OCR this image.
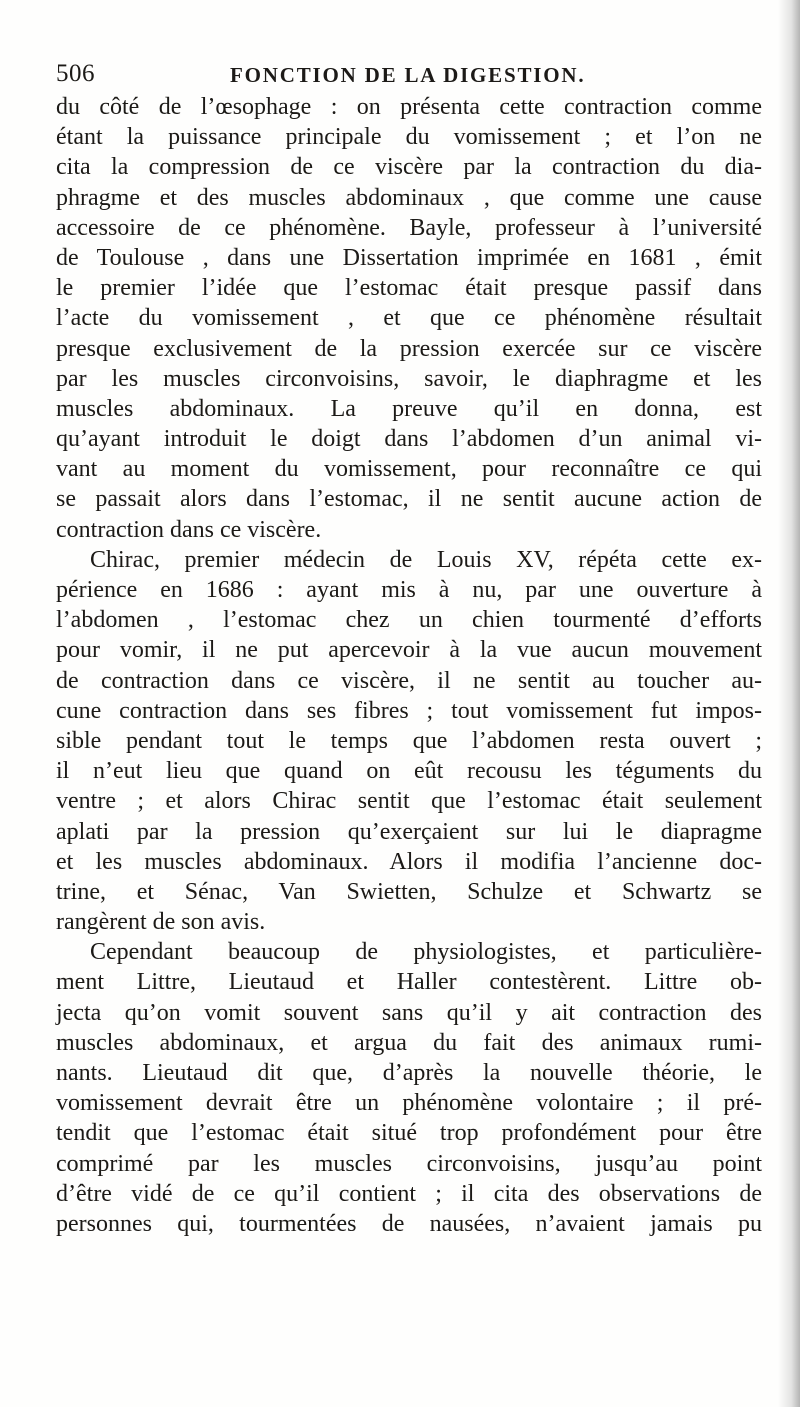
506	FONCTION DE LA DIGESTION.
du côté de l’œsophage : on présenta cette contraction comme
étant la puissance principale du vomissement ; et l’on ne
cita la compression de ce viscère par la contraction du dia-
phragme et des muscles abdominaux , que comme une cause
accessoire de ce phénomène. Bayle, professeur à l’université
de Toulouse , dans une Dissertation imprimée en 1681 , émit
le premier l’idée que l’estomac était presque passif dans
l’acte du vomissement , et que ce phénomène résultait
presque exclusivement de la pression exercée sur ce viscère
par les muscles circonvoisins, savoir, le diaphragme et les
muscles abdominaux. La preuve qu’il en donna, est
qu’ayant introduit le doigt dans l’abdomen d’un animal vi-
vant au moment du vomissement, pour reconnaître ce qui
se passait alors dans l’estomac, il ne sentit aucune action de
contraction dans ce viscère.
Chirac, premier médecin de Louis XV, répéta cette ex-
périence en 1686 : ayant mis à nu, par une ouverture à
l’abdomen , l’estomac chez un chien tourmenté d’efforts
pour vomir, il ne put apercevoir à la vue aucun mouvement
de contraction dans ce viscère, il ne sentit au toucher au-
cune contraction dans ses fibres ; tout vomissement fut impos-
sible pendant tout le temps que l’abdomen resta ouvert ;
il n’eut lieu que quand on eût recousu les téguments du
ventre ; et alors Chirac sentit que l’estomac était seulement
aplati par la pression qu’exerçaient sur lui le diapragme
et les muscles abdominaux. Alors il modifia l’ancienne doc-
trine, et Sénac, Van Swietten, Schulze et Schwartz se
rangèrent de son avis.
Cependant beaucoup de physiologistes, et particulière-
ment Littre, Lieutaud et Haller contestèrent. Littre ob-
jecta qu’on vomit souvent sans qu’il y ait contraction des
muscles abdominaux, et argua du fait des animaux rumi-
nants. Lieutaud dit que, d’après la nouvelle théorie, le
vomissement devrait être un phénomène volontaire ; il pré-
tendit que l’estomac était situé trop profondément pour être
comprimé par les muscles circonvoisins, jusqu’au point
d’être vidé de ce qu’il contient ; il cita des observations de
personnes qui, tourmentées de nausées, n’avaient jamais pu
